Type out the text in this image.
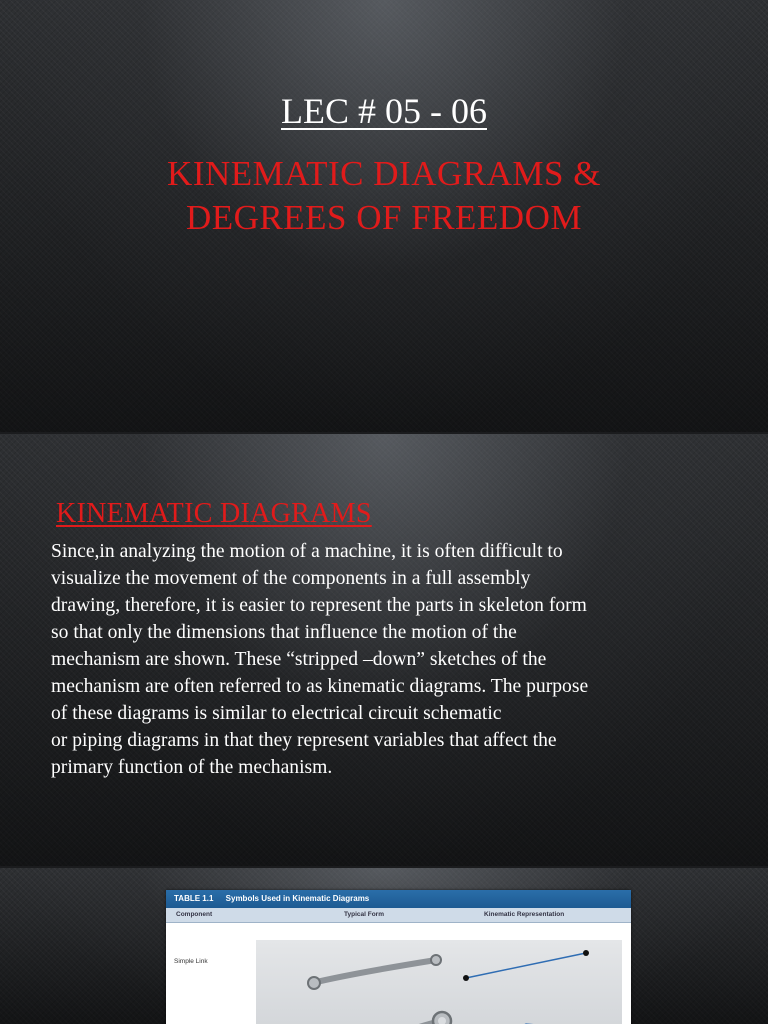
LEC # 05 - 06
KINEMATIC DIAGRAMS &
DEGREES OF FREEDOM
KINEMATIC DIAGRAMS
Since,in analyzing the motion of a machine, it is often difficult to
visualize the movement of the components in a full assembly
drawing, therefore, it is easier to represent the parts in skeleton form
so that only the dimensions that influence the motion of the
mechanism are shown. These “stripped –down” sketches of the
mechanism are often referred to as kinematic diagrams. The purpose
of these diagrams is similar to electrical circuit schematic
or piping diagrams in that they represent variables that affect the
primary function of the mechanism.
TABLE 1.1 Symbols Used in Kinematic Diagrams
Component	Typical Form	Kinematic Representation
Simple Link
